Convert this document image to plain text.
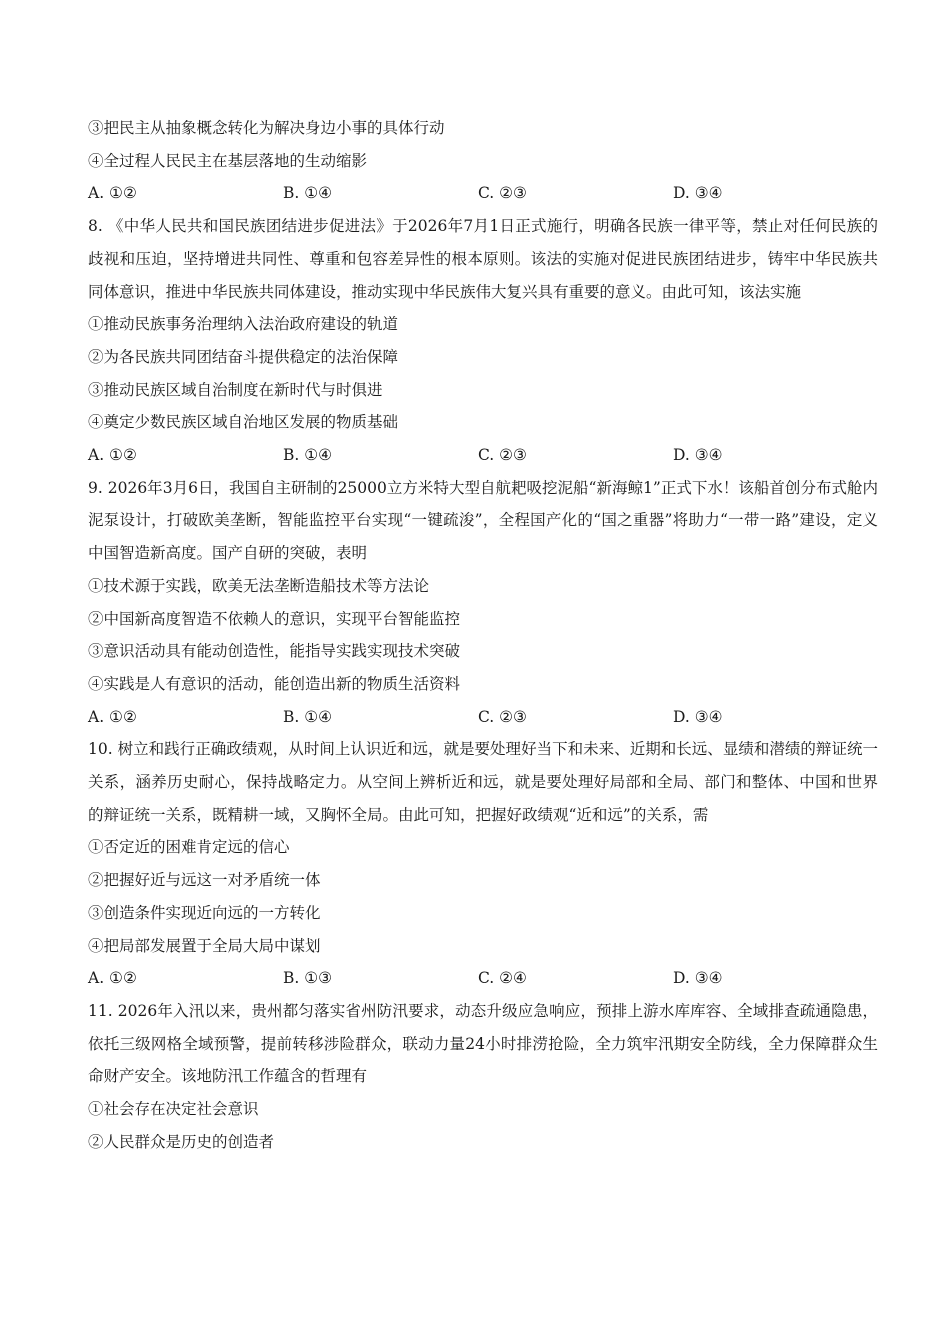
③把民主从抽象概念转化为解决身边小事的具体行动
④全过程人民民主在基层落地的生动缩影
A. ①②	B. ①④	C. ②③	D. ③④
8. 《中华人民共和国民族团结进步促进法》于2026年7月1日正式施行，明确各民族一律平等，禁止对任何民族的歧视和压迫，坚持增进共同性、尊重和包容差异性的根本原则。该法的实施对促进民族团结进步，铸牢中华民族共同体意识，推进中华民族共同体建设，推动实现中华民族伟大复兴具有重要的意义。由此可知，该法实施
①推动民族事务治理纳入法治政府建设的轨道
②为各民族共同团结奋斗提供稳定的法治保障
③推动民族区域自治制度在新时代与时俱进
④奠定少数民族区域自治地区发展的物质基础
A. ①②	B. ①④	C. ②③	D. ③④
9. 2026年3月6日，我国自主研制的25000立方米特大型自航耙吸挖泥船“新海鲸1”正式下水！该船首创分布式舱内泥泵设计，打破欧美垄断，智能监控平台实现“一键疏浚”，全程国产化的“国之重器”将助力“一带一路”建设，定义中国智造新高度。国产自研的突破，表明
①技术源于实践，欧美无法垄断造船技术等方法论
②中国新高度智造不依赖人的意识，实现平台智能监控
③意识活动具有能动创造性，能指导实践实现技术突破
④实践是人有意识的活动，能创造出新的物质生活资料
A. ①②	B. ①④	C. ②③	D. ③④
10. 树立和践行正确政绩观，从时间上认识近和远，就是要处理好当下和未来、近期和长远、显绩和潜绩的辩证统一关系，涵养历史耐心，保持战略定力。从空间上辨析近和远，就是要处理好局部和全局、部门和整体、中国和世界的辩证统一关系，既精耕一域，又胸怀全局。由此可知，把握好政绩观“近和远”的关系，需
①否定近的困难肯定远的信心
②把握好近与远这一对矛盾统一体
③创造条件实现近向远的一方转化
④把局部发展置于全局大局中谋划
A. ①②	B. ①③	C. ②④	D. ③④
11. 2026年入汛以来，贵州都匀落实省州防汛要求，动态升级应急响应，预排上游水库库容、全域排查疏通隐患，依托三级网格全域预警，提前转移涉险群众，联动力量24小时排涝抢险，全力筑牢汛期安全防线，全力保障群众生命财产安全。该地防汛工作蕴含的哲理有
①社会存在决定社会意识
②人民群众是历史的创造者
